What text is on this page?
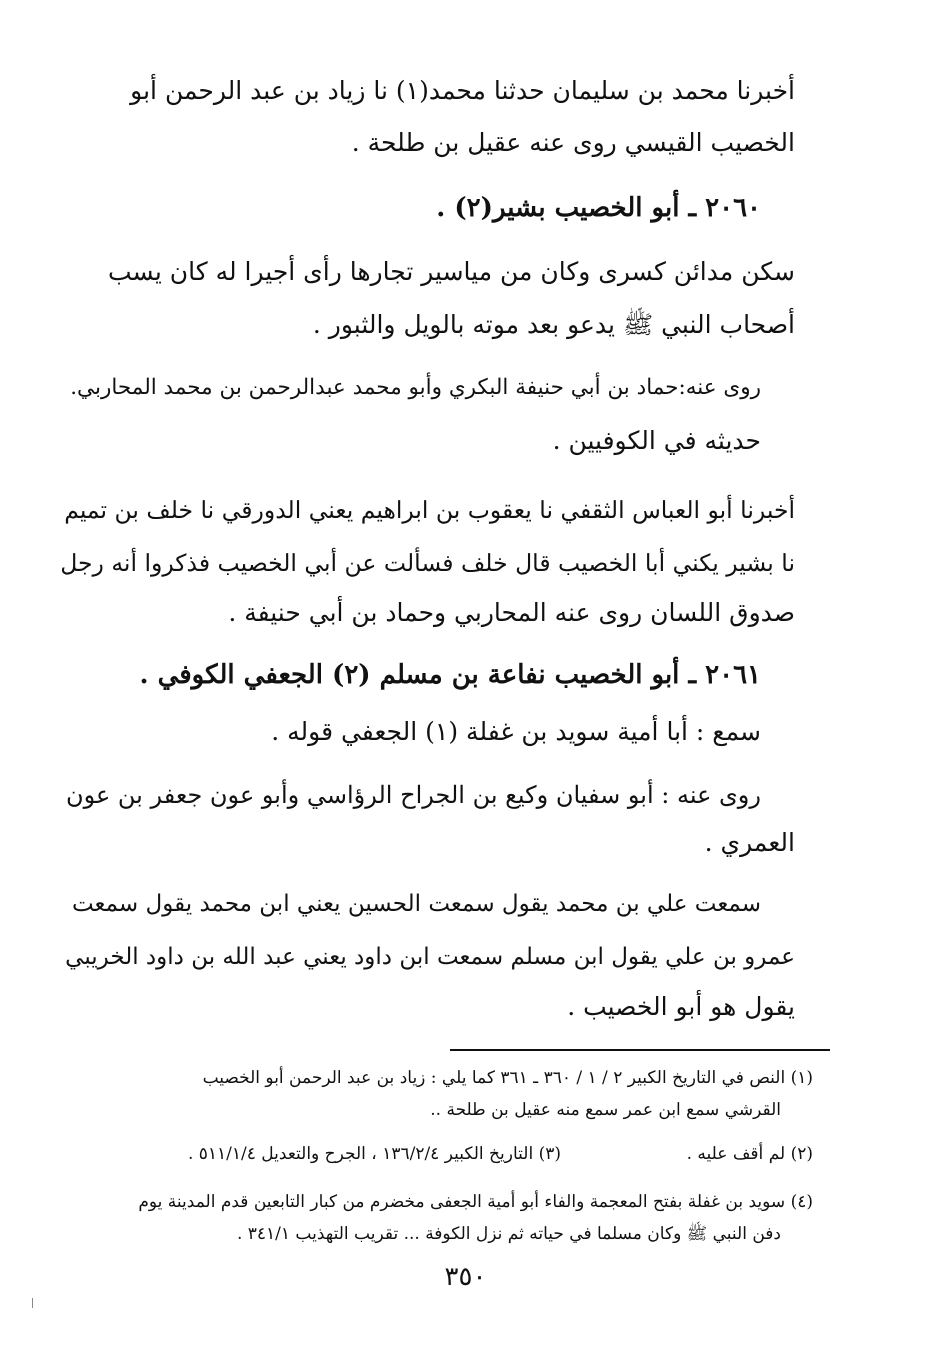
أخبرنا محمد بن سليمان حدثنا محمد(١) نا زياد بن عبد الرحمن أبو
الخصيب القيسي روى عنه عقيل بن طلحة .
٢٠٦٠ ـ أبو الخصيب بشير(٢) .
سكن مدائن كسرى وكان من مياسير تجارها رأى أجيرا له كان يسب
أصحاب النبي ﷺ يدعو بعد موته بالويل والثبور .
روى عنه:حماد بن أبي حنيفة البكري وأبو محمد عبدالرحمن بن محمد المحاربي.
حديثه في الكوفيين .
أخبرنا أبو العباس الثقفي نا يعقوب بن ابراهيم يعني الدورقي نا خلف بن تميم
نا بشير يكني أبا الخصيب قال خلف فسألت عن أبي الخصيب فذكروا أنه رجل
صدوق اللسان روى عنه المحاربي وحماد بن أبي حنيفة .
٢٠٦١ ـ أبو الخصيب نفاعة بن مسلم (٢) الجعفي الكوفي .
سمع : أبا أمية سويد بن غفلة (١) الجعفي قوله .
روى عنه : أبو سفيان وكيع بن الجراح الرؤاسي وأبو عون جعفر بن عون
العمري .
سمعت علي بن محمد يقول سمعت الحسين يعني ابن محمد يقول سمعت
عمرو بن علي يقول ابن مسلم سمعت ابن داود يعني عبد الله بن داود الخريبي
يقول هو أبو الخصيب .
(١) النص في التاريخ الكبير ٢ / ١ / ٣٦٠ ـ ٣٦١ كما يلي : زياد بن عبد الرحمن أبو الخصيب
القرشي سمع ابن عمر سمع منه عقيل بن طلحة ..
(٢) لم أقف عليه .
(٣) التاريخ الكبير ١٣٦/٢/٤ ، الجرح والتعديل ٥١١/١/٤ .
(٤) سويد بن غفلة بفتح المعجمة والفاء أبو أمية الجعفى مخضرم من كبار التابعين قدم المدينة يوم
دفن النبي ﷺ وكان مسلما في حياته ثم نزل الكوفة ... تقريب التهذيب ٣٤١/١ .
٣٥٠
